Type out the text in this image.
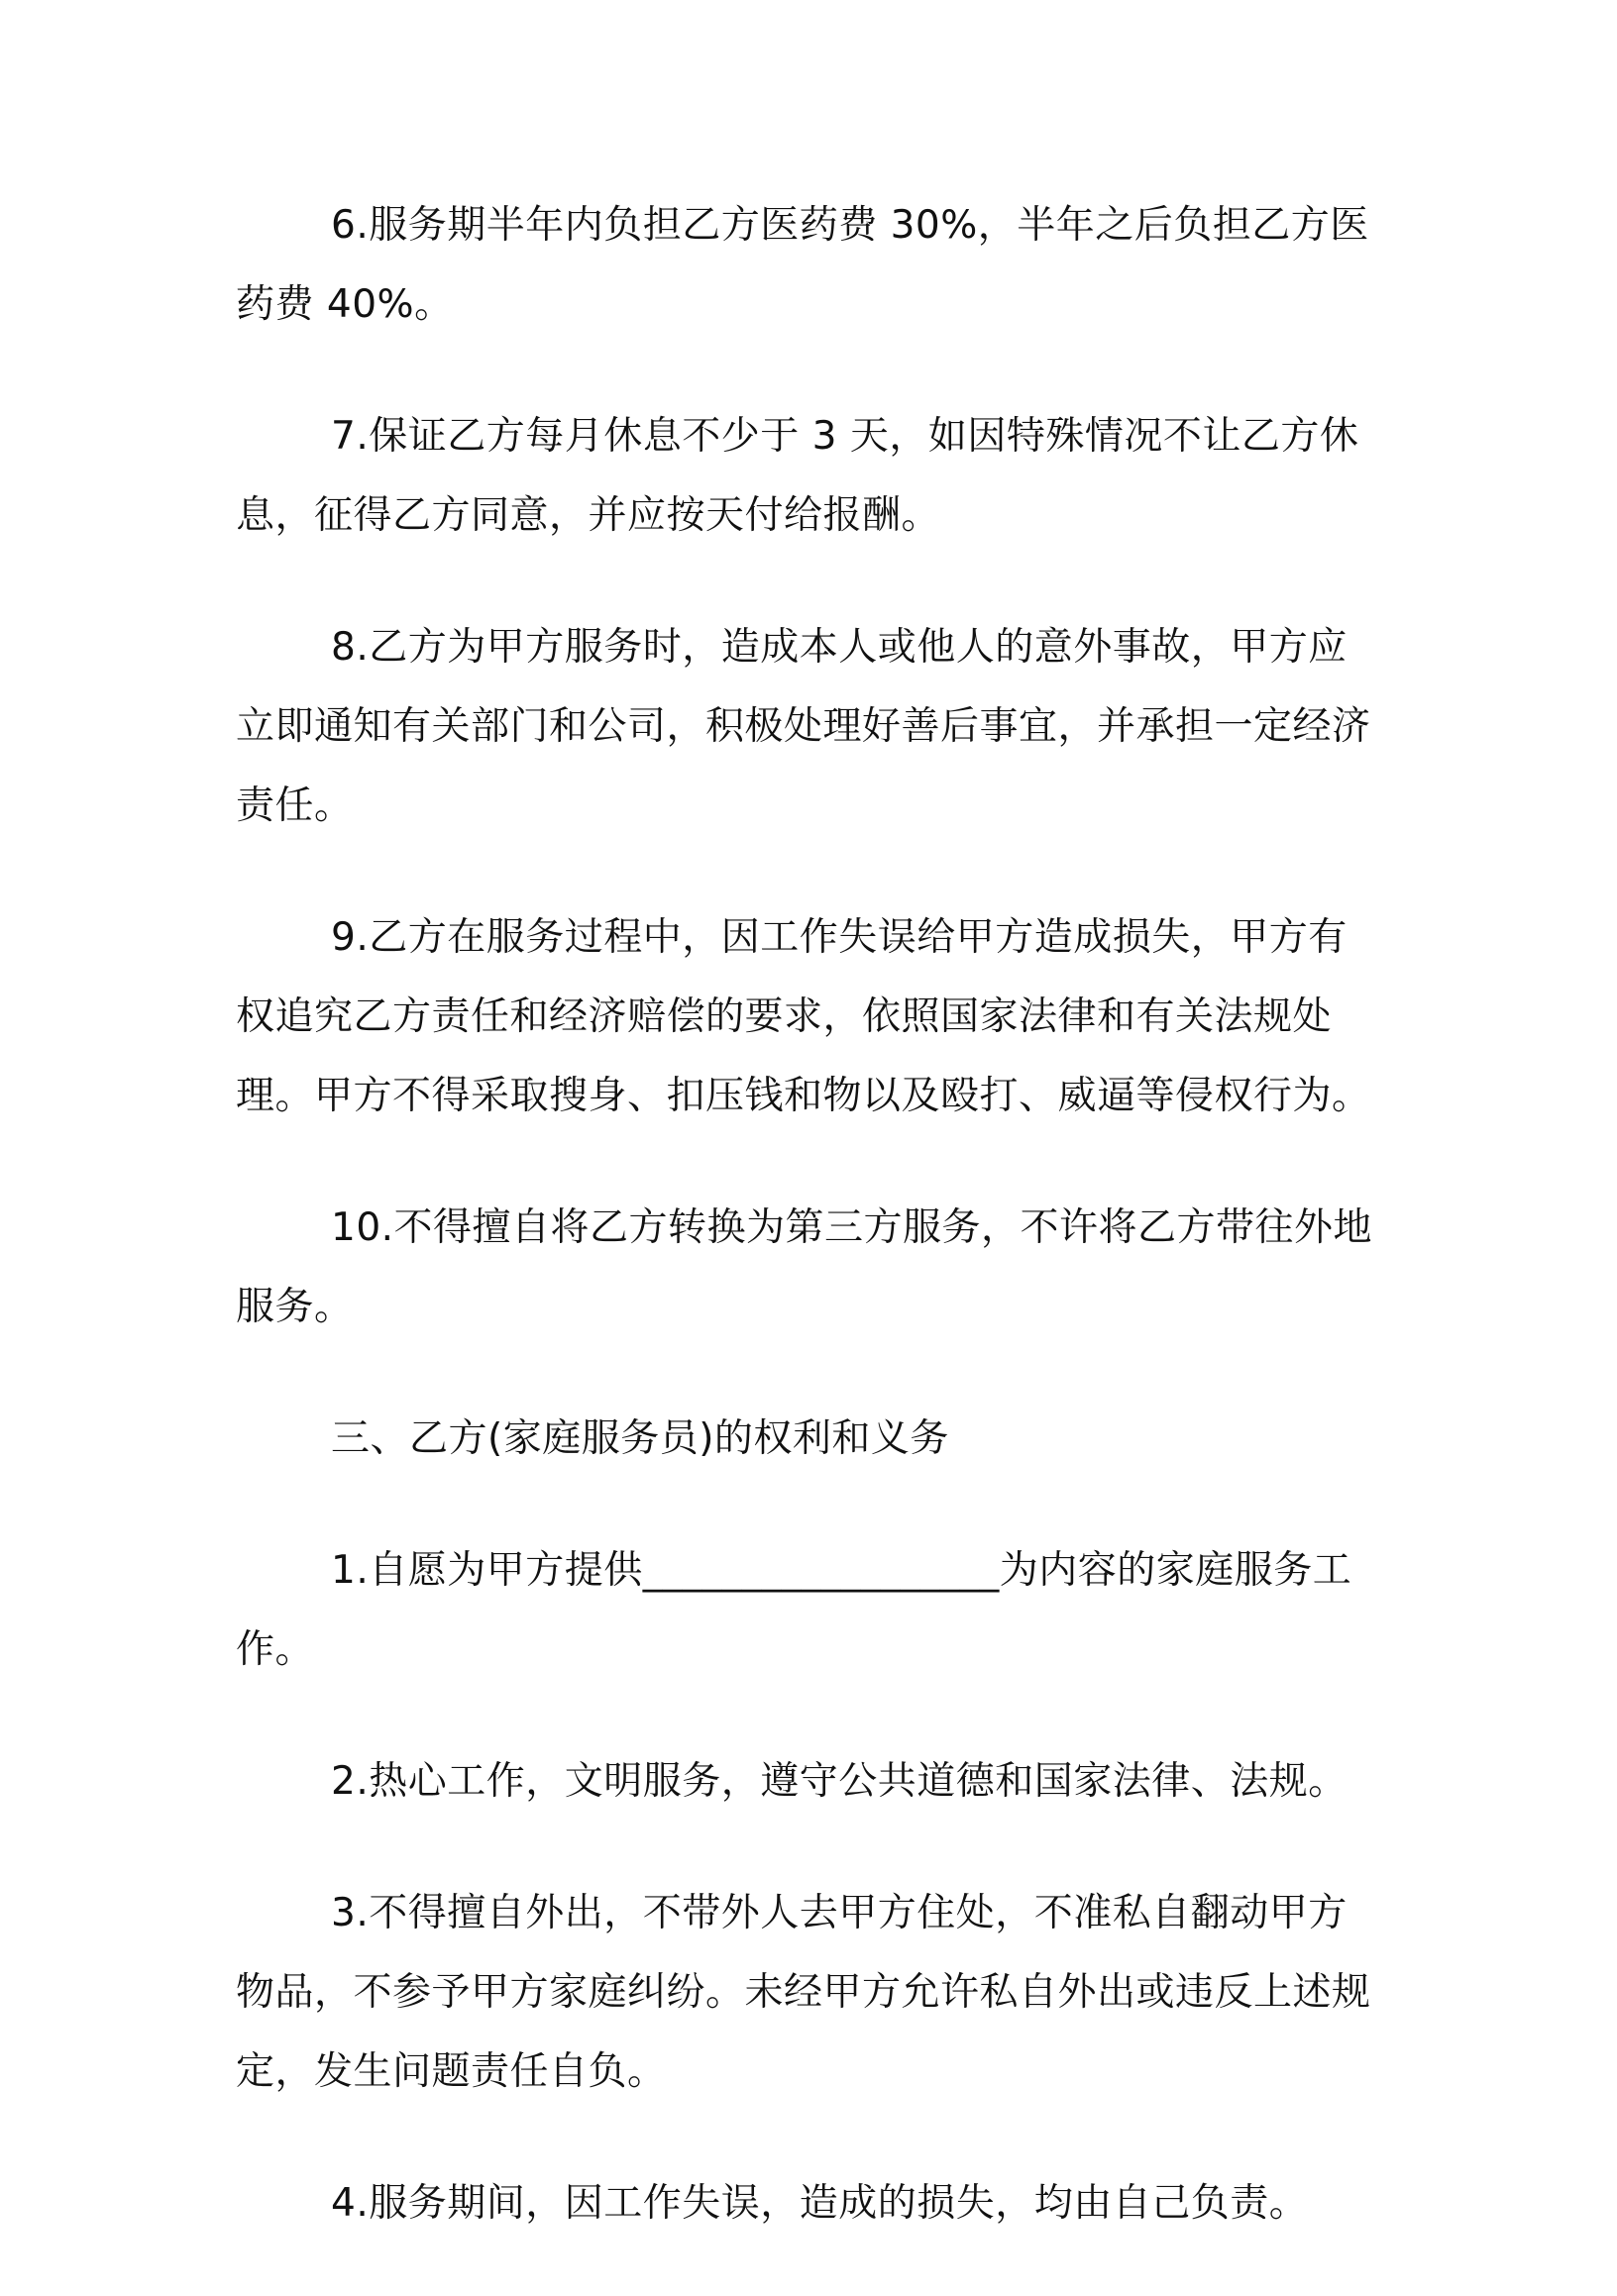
6.服务期半年内负担乙方医药费 30%，半年之后负担乙方医药费 40%。

7.保证乙方每月休息不少于 3 天，如因特殊情况不让乙方休息，征得乙方同意，并应按天付给报酬。

8.乙方为甲方服务时，造成本人或他人的意外事故，甲方应立即通知有关部门和公司，积极处理好善后事宜，并承担一定经济责任。

9.乙方在服务过程中，因工作失误给甲方造成损失，甲方有权追究乙方责任和经济赔偿的要求，依照国家法律和有关法规处理。甲方不得采取搜身、扣压钱和物以及殴打、威逼等侵权行为。

10.不得擅自将乙方转换为第三方服务，不许将乙方带往外地服务。

三、乙方(家庭服务员)的权利和义务

1.自愿为甲方提供__________________为内容的家庭服务工作。

2.热心工作，文明服务，遵守公共道德和国家法律、法规。

3.不得擅自外出，不带外人去甲方住处，不准私自翻动甲方物品，不参予甲方家庭纠纷。未经甲方允许私自外出或违反上述规定，发生问题责任自负。

4.服务期间，因工作失误，造成的损失，均由自己负责。
